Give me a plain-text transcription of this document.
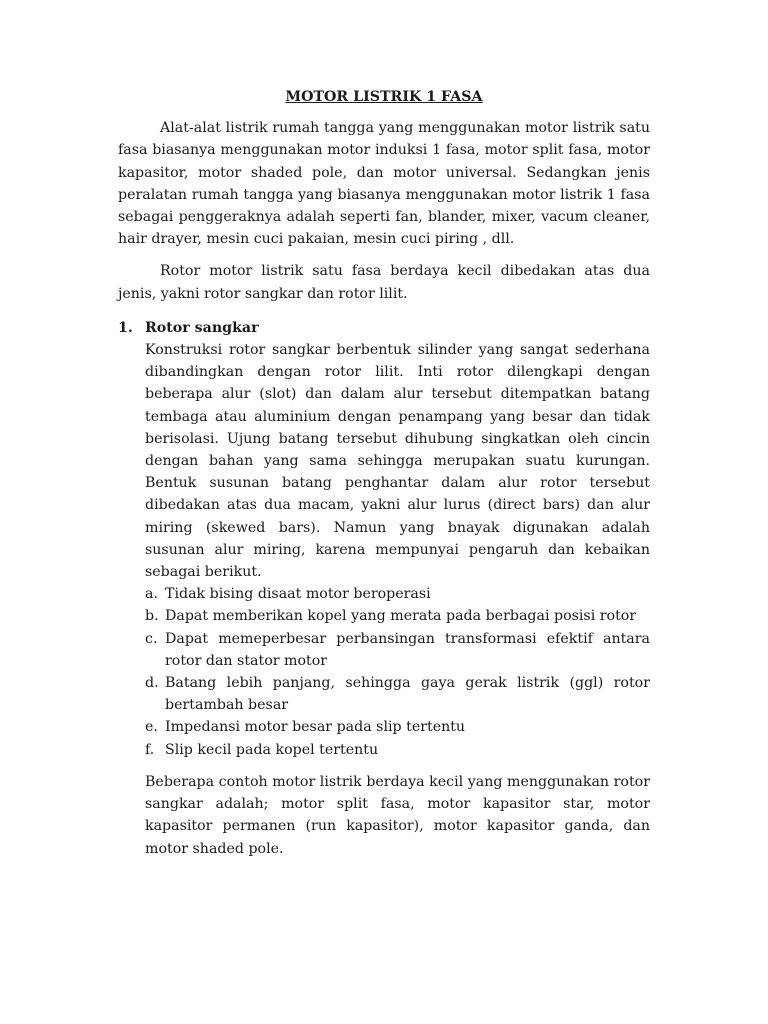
MOTOR LISTRIK 1 FASA

Alat-alat listrik rumah tangga yang menggunakan motor listrik satu fasa biasanya menggunakan motor induksi 1 fasa, motor split fasa, motor kapasitor, motor shaded pole, dan motor universal. Sedangkan jenis peralatan rumah tangga yang biasanya menggunakan motor listrik 1 fasa sebagai penggeraknya adalah seperti fan, blander, mixer, vacum cleaner, hair drayer, mesin cuci pakaian, mesin cuci piring , dll.

Rotor motor listrik satu fasa berdaya kecil dibedakan atas dua jenis, yakni rotor sangkar dan rotor lilit.

1. Rotor sangkar

Konstruksi rotor sangkar berbentuk silinder yang sangat sederhana dibandingkan dengan rotor lilit. Inti rotor dilengkapi dengan beberapa alur (slot) dan dalam alur tersebut ditempatkan batang tembaga atau aluminium dengan penampang yang besar dan tidak berisolasi. Ujung batang tersebut dihubung singkatkan oleh cincin dengan bahan yang sama sehingga merupakan suatu kurungan. Bentuk susunan batang penghantar dalam alur rotor tersebut dibedakan atas dua macam, yakni alur lurus (direct bars) dan alur miring (skewed bars). Namun yang bnayak digunakan adalah susunan alur miring, karena mempunyai pengaruh dan kebaikan sebagai berikut.

a. Tidak bising disaat motor beroperasi
b. Dapat memberikan kopel yang merata pada berbagai posisi rotor
c. Dapat memeperbesar perbansingan transformasi efektif antara rotor dan stator motor
d. Batang lebih panjang, sehingga gaya gerak listrik (ggl) rotor bertambah besar
e. Impedansi motor besar pada slip tertentu
f. Slip kecil pada kopel tertentu

Beberapa contoh motor listrik berdaya kecil yang menggunakan rotor sangkar adalah; motor split fasa, motor kapasitor star, motor kapasitor permanen (run kapasitor), motor kapasitor ganda, dan motor shaded pole.
